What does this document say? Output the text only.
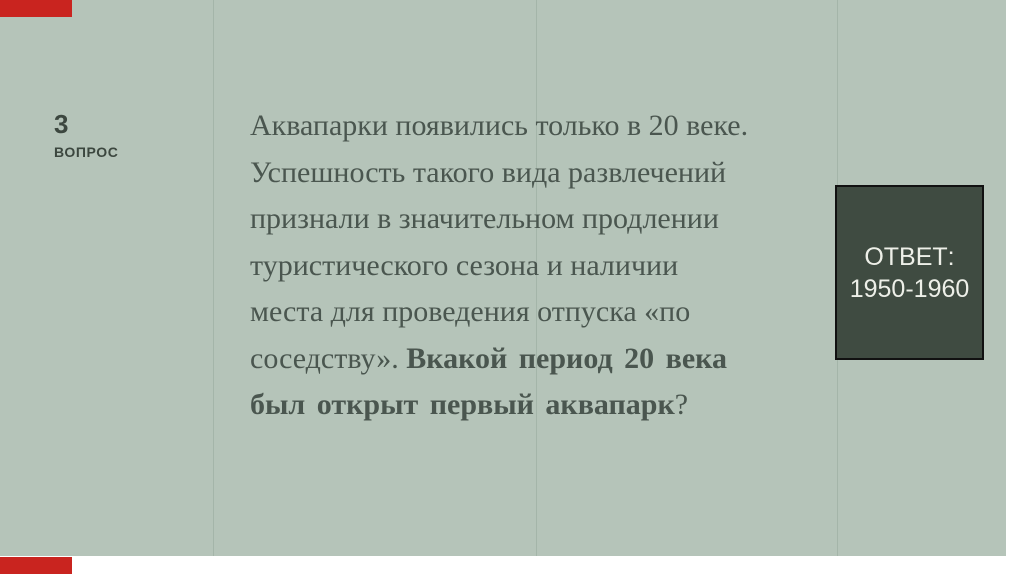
3
ВОПРОС
Аквапарки появились только в 20 веке.
Успешность такого вида развлечений
признали в значительном продлении
туристического сезона и наличии
места для проведения отпуска «по
соседству». Вкакой период 20 века
был открыт первый аквапарк?
ОТВЕТ:
1950-1960
